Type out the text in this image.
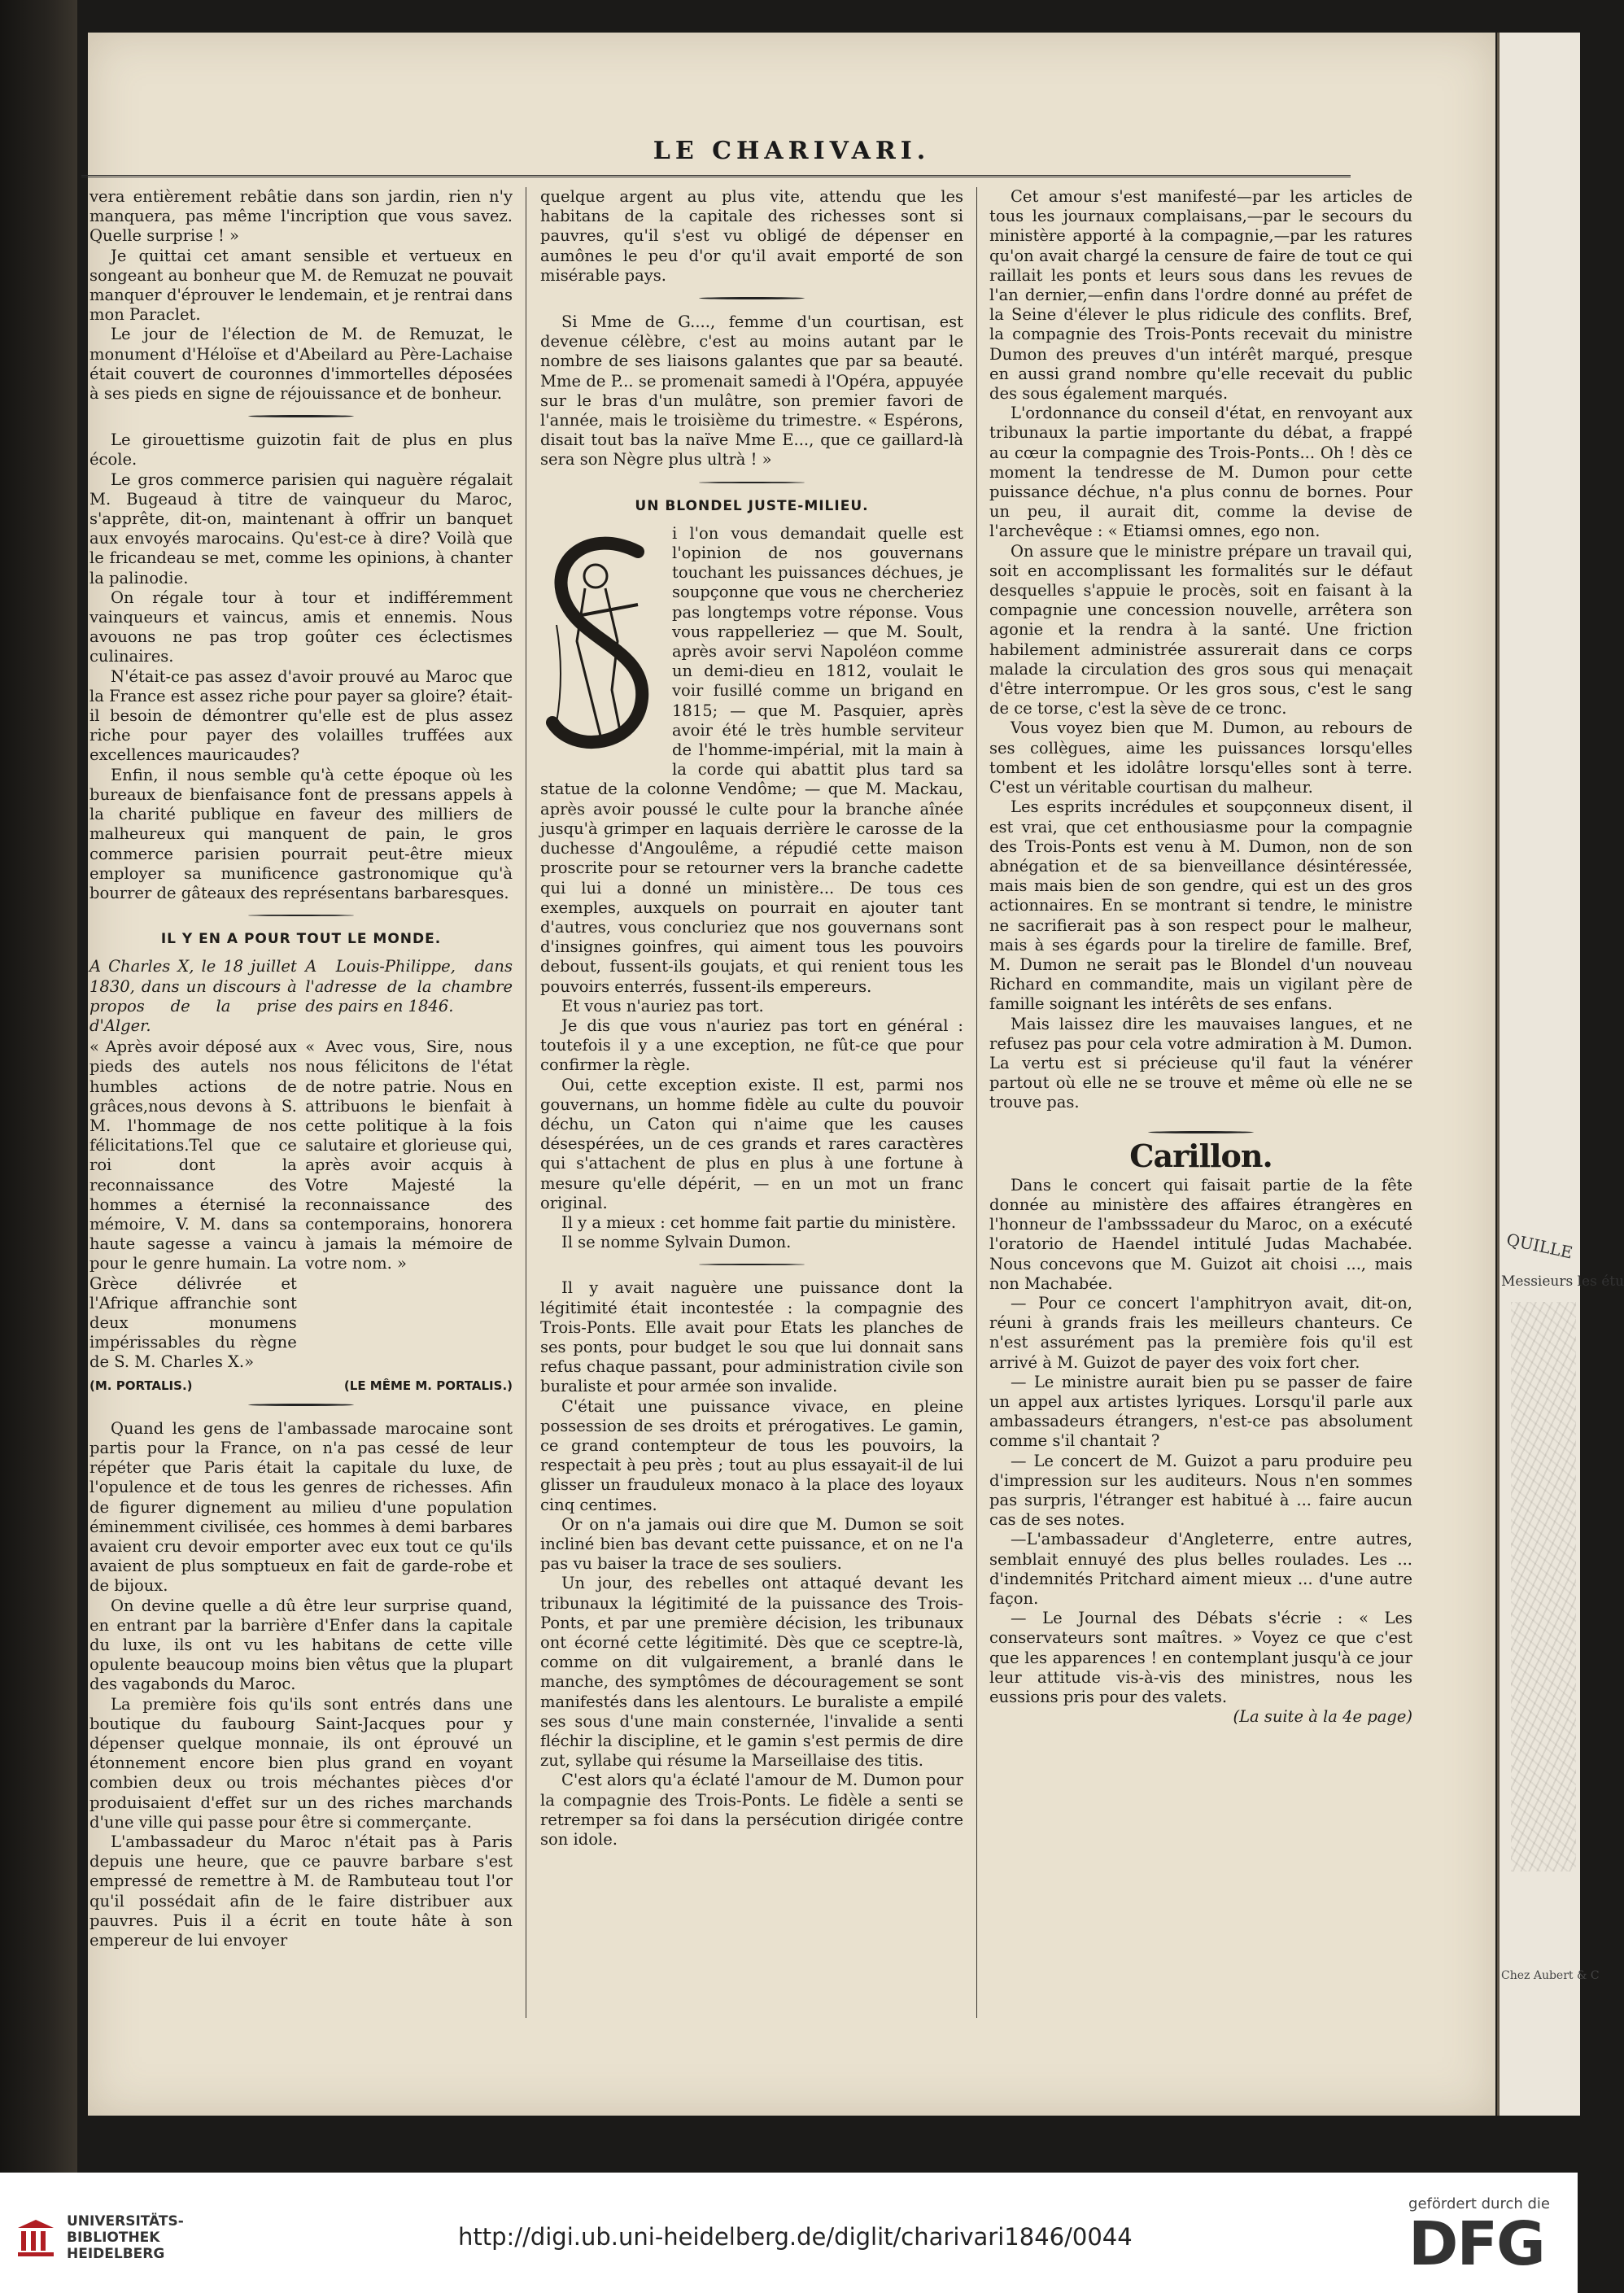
QUILLE
Messieurs les étu
Chez Aubert & C
LE CHARIVARI.

vera entièrement rebâtie dans son jardin, rien n'y manquera, pas même l'incription que vous savez. Quelle surprise ! »

Je quittai cet amant sensible et vertueux en songeant au bonheur que M. de Remuzat ne pouvait manquer d'éprouver le lendemain, et je rentrai dans mon Paraclet.

Le jour de l'élection de M. de Remuzat, le monument d'Héloïse et d'Abeilard au Père-Lachaise était couvert de couronnes d'immortelles déposées à ses pieds en signe de réjouissance et de bonheur.

Le girouettisme guizotin fait de plus en plus école.

Le gros commerce parisien qui naguère régalait M. Bugeaud à titre de vainqueur du Maroc, s'apprête, dit-on, maintenant à offrir un banquet aux envoyés marocains. Qu'est-ce à dire? Voilà que le fricandeau se met, comme les opinions, à chanter la palinodie.

On régale tour à tour et indifféremment vainqueurs et vaincus, amis et ennemis. Nous avouons ne pas trop goûter ces éclectismes culinaires.

N'était-ce pas assez d'avoir prouvé au Maroc que la France est assez riche pour payer sa gloire? était-il besoin de démontrer qu'elle est de plus assez riche pour payer des volailles truffées aux excellences mauricaudes?

Enfin, il nous semble qu'à cette époque où les bureaux de bienfaisance font de pressans appels à la charité publique en faveur des milliers de malheureux qui manquent de pain, le gros commerce parisien pourrait peut-être mieux employer sa munificence gastronomique qu'à bourrer de gâteaux des représentans barbaresques.

IL Y EN A POUR TOUT LE MONDE.
A Charles X, le 18 juillet 1830, dans un discours à propos de la prise d'Alger.
A Louis-Philippe, dans l'adresse de la chambre des pairs en 1846.
« Après avoir déposé aux pieds des autels nos humbles actions de grâces,nous devons à S. M. l'hommage de nos félicitations.Tel que ce roi dont la reconnaissance des hommes a éternisé la mémoire, V. M. dans sa haute sagesse a vaincu pour le genre humain. La Grèce délivrée et l'Afrique affranchie sont deux monumens impérissables du règne de S. M. Charles X.»
« Avec vous, Sire, nous nous félicitons de l'état de notre patrie. Nous en attribuons le bienfait à cette politique à la fois salutaire et glorieuse qui, après avoir acquis à Votre Majesté la reconnaissance des contemporains, honorera à jamais la mémoire de votre nom. »
(M. PORTALIS.)	(LE MÊME M. PORTALIS.)

Quand les gens de l'ambassade marocaine sont partis pour la France, on n'a pas cessé de leur répéter que Paris était la capitale du luxe, de l'opulence et de tous les genres de richesses. Afin de figurer dignement au milieu d'une population éminemment civilisée, ces hommes à demi barbares avaient cru devoir emporter avec eux tout ce qu'ils avaient de plus somptueux en fait de garde-robe et de bijoux.

On devine quelle a dû être leur surprise quand, en entrant par la barrière d'Enfer dans la capitale du luxe, ils ont vu les habitans de cette ville opulente beaucoup moins bien vêtus que la plupart des vagabonds du Maroc.

La première fois qu'ils sont entrés dans une boutique du faubourg Saint-Jacques pour y dépenser quelque monnaie, ils ont éprouvé un étonnement encore bien plus grand en voyant combien deux ou trois méchantes pièces d'or produisaient d'effet sur un des riches marchands d'une ville qui passe pour être si commerçante.

L'ambassadeur du Maroc n'était pas à Paris depuis une heure, que ce pauvre barbare s'est empressé de remettre à M. de Rambuteau tout l'or qu'il possédait afin de le faire distribuer aux pauvres. Puis il a écrit en toute hâte à son empereur de lui envoyer

quelque argent au plus vite, attendu que les habitans de la capitale des richesses sont si pauvres, qu'il s'est vu obligé de dépenser en aumônes le peu d'or qu'il avait emporté de son misérable pays.

Si Mme de G...., femme d'un courtisan, est devenue célèbre, c'est au moins autant par le nombre de ses liaisons galantes que par sa beauté. Mme de P... se promenait samedi à l'Opéra, appuyée sur le bras d'un mulâtre, son premier favori de l'année, mais le troisième du trimestre. « Espérons, disait tout bas la naïve Mme E..., que ce gaillard-là sera son Nègre plus ultrà ! »

UN BLONDEL JUSTE-MILIEU.

i l'on vous demandait quelle est l'opinion de nos gouvernans touchant les puissances déchues, je soupçonne que vous ne chercheriez pas longtemps votre réponse. Vous vous rappelleriez — que M. Soult, après avoir servi Napoléon comme un demi-dieu en 1812, voulait le voir fusillé comme un brigand en 1815; — que M. Pasquier, après avoir été le très humble serviteur de l'homme-impérial, mit la main à la corde qui abattit plus tard sa statue de la colonne Vendôme; — que M. Mackau, après avoir poussé le culte pour la branche aînée jusqu'à grimper en laquais derrière le carosse de la duchesse d'Angoulême, a répudié cette maison proscrite pour se retourner vers la branche cadette qui lui a donné un ministère... De tous ces exemples, auxquels on pourrait en ajouter tant d'autres, vous concluriez que nos gouvernans sont d'insignes goinfres, qui aiment tous les pouvoirs debout, fussent-ils goujats, et qui renient tous les pouvoirs enterrés, fussent-ils empereurs.

Et vous n'auriez pas tort.

Je dis que vous n'auriez pas tort en général : toutefois il y a une exception, ne fût-ce que pour confirmer la règle.

Oui, cette exception existe. Il est, parmi nos gouvernans, un homme fidèle au culte du pouvoir déchu, un Caton qui n'aime que les causes désespérées, un de ces grands et rares caractères qui s'attachent de plus en plus à une fortune à mesure qu'elle dépérit, — en un mot un franc original.

Il y a mieux : cet homme fait partie du ministère.

Il se nomme Sylvain Dumon.

Il y avait naguère une puissance dont la légitimité était incontestée : la compagnie des Trois-Ponts. Elle avait pour Etats les planches de ses ponts, pour budget le sou que lui donnait sans refus chaque passant, pour administration civile son buraliste et pour armée son invalide.

C'était une puissance vivace, en pleine possession de ses droits et prérogatives. Le gamin, ce grand contempteur de tous les pouvoirs, la respectait à peu près ; tout au plus essayait-il de lui glisser un frauduleux monaco à la place des loyaux cinq centimes.

Or on n'a jamais oui dire que M. Dumon se soit incliné bien bas devant cette puissance, et on ne l'a pas vu baiser la trace de ses souliers.

Un jour, des rebelles ont attaqué devant les tribunaux la légitimité de la puissance des Trois-Ponts, et par une première décision, les tribunaux ont écorné cette légitimité. Dès que ce sceptre-là, comme on dit vulgairement, a branlé dans le manche, des symptômes de découragement se sont manifestés dans les alentours. Le buraliste a empilé ses sous d'une main consternée, l'invalide a senti fléchir la discipline, et le gamin s'est permis de dire zut, syllabe qui résume la Marseillaise des titis.

C'est alors qu'a éclaté l'amour de M. Dumon pour la compagnie des Trois-Ponts. Le fidèle a senti se retremper sa foi dans la persécution dirigée contre son idole.

Cet amour s'est manifesté—par les articles de tous les journaux complaisans,—par le secours du ministère apporté à la compagnie,—par les ratures qu'on avait chargé la censure de faire de tout ce qui raillait les ponts et leurs sous dans les revues de l'an dernier,—enfin dans l'ordre donné au préfet de la Seine d'élever le plus ridicule des conflits. Bref, la compagnie des Trois-Ponts recevait du ministre Dumon des preuves d'un intérêt marqué, presque en aussi grand nombre qu'elle recevait du public des sous également marqués.

L'ordonnance du conseil d'état, en renvoyant aux tribunaux la partie importante du débat, a frappé au cœur la compagnie des Trois-Ponts... Oh ! dès ce moment la tendresse de M. Dumon pour cette puissance déchue, n'a plus connu de bornes. Pour un peu, il aurait dit, comme la devise de l'archevêque : « Etiamsi omnes, ego non.

On assure que le ministre prépare un travail qui, soit en accomplissant les formalités sur le défaut desquelles s'appuie le procès, soit en faisant à la compagnie une concession nouvelle, arrêtera son agonie et la rendra à la santé. Une friction habilement administrée assurerait dans ce corps malade la circulation des gros sous qui menaçait d'être interrompue. Or les gros sous, c'est le sang de ce torse, c'est la sève de ce tronc.

Vous voyez bien que M. Dumon, au rebours de ses collègues, aime les puissances lorsqu'elles tombent et les idolâtre lorsqu'elles sont à terre. C'est un véritable courtisan du malheur.

Les esprits incrédules et soupçonneux disent, il est vrai, que cet enthousiasme pour la compagnie des Trois-Ponts est venu à M. Dumon, non de son abnégation et de sa bienveillance désintéressée, mais mais bien de son gendre, qui est un des gros actionnaires. En se montrant si tendre, le ministre ne sacrifierait pas à son respect pour le malheur, mais à ses égards pour la tirelire de famille. Bref, M. Dumon ne serait pas le Blondel d'un nouveau Richard en commandite, mais un vigilant père de famille soignant les intérêts de ses enfans.

Mais laissez dire les mauvaises langues, et ne refusez pas pour cela votre admiration à M. Dumon. La vertu est si précieuse qu'il faut la vénérer partout où elle ne se trouve et même où elle ne se trouve pas.

Carillon.

Dans le concert qui faisait partie de la fête donnée au ministère des affaires étrangères en l'honneur de l'ambsssadeur du Maroc, on a exécuté l'oratorio de Haendel intitulé Judas Machabée. Nous concevons que M. Guizot ait choisi ..., mais non Machabée.

— Pour ce concert l'amphitryon avait, dit-on, réuni à grands frais les meilleurs chanteurs. Ce n'est assurément pas la première fois qu'il est arrivé à M. Guizot de payer des voix fort cher.

— Le ministre aurait bien pu se passer de faire un appel aux artistes lyriques. Lorsqu'il parle aux ambassadeurs étrangers, n'est-ce pas absolument comme s'il chantait ?

— Le concert de M. Guizot a paru produire peu d'impression sur les auditeurs. Nous n'en sommes pas surpris, l'étranger est habitué à ... faire aucun cas de ses notes.

—L'ambassadeur d'Angleterre, entre autres, semblait ennuyé des plus belles roulades. Les ... d'indemnités Pritchard aiment mieux ... d'une autre façon.

— Le Journal des Débats s'écrie : « Les conservateurs sont maîtres. » Voyez ce que c'est que les apparences ! en contemplant jusqu'à ce jour leur attitude vis-à-vis des ministres, nous les eussions pris pour des valets.

(La suite à la 4e page)
UNIVERSITÄTS-
BIBLIOTHEK
HEIDELBERG
http://digi.ub.uni-heidelberg.de/diglit/charivari1846/0044
gefördert durch die
DFG
